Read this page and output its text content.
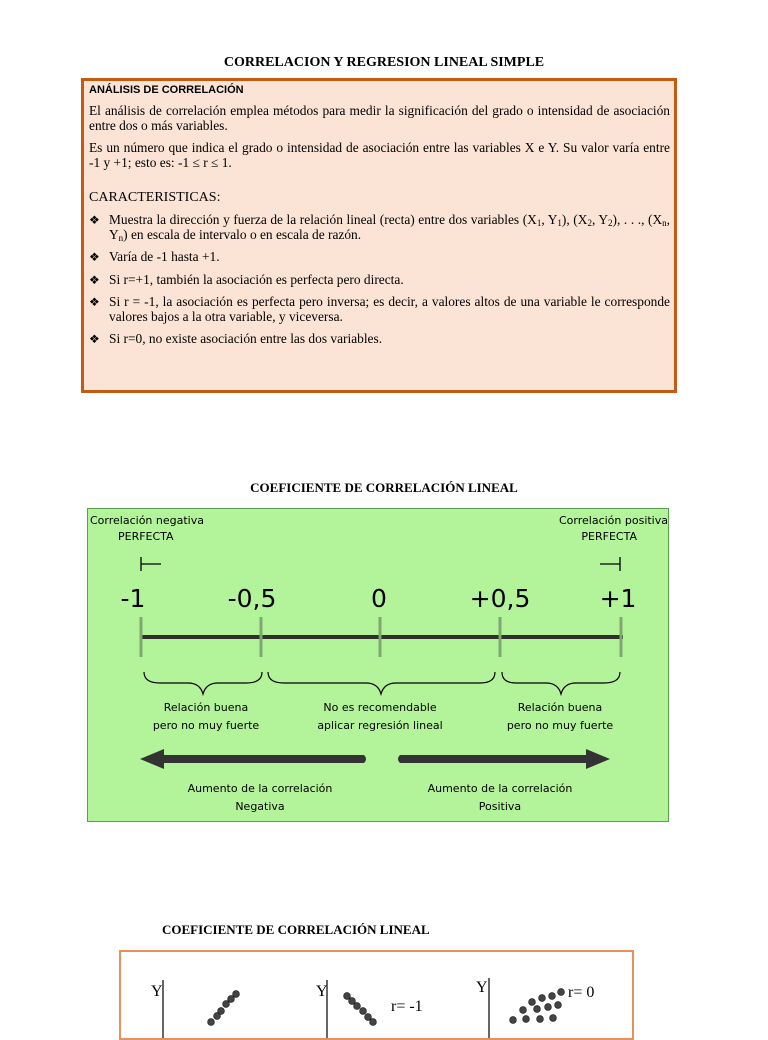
CORRELACION Y REGRESION LINEAL SIMPLE
ANÁLISIS DE CORRELACIÓN

El análisis de correlación emplea métodos para medir la significación del grado o intensidad de asociación entre dos o más variables.

Es un número que indica el grado o intensidad de asociación entre las variables X e Y. Su valor varía entre -1 y +1; esto es: -1 ≤ r ≤ 1.

CARACTERISTICAS:
❖ Muestra la dirección y fuerza de la relación lineal (recta) entre dos variables ($X_1$, $Y_1$), ($X_2$, $Y_2$), . . ., ($X_n$, $Y_n$) en escala de intervalo o en escala de razón.
❖ Varía de -1 hasta +1.
❖ Si r=+1, también la asociación es perfecta pero directa.
❖ Si r = -1, la asociación es perfecta pero inversa; es decir, a valores altos de una variable le corresponde valores bajos a la otra variable, y viceversa.
❖ Si r=0, no existe asociación entre las dos variables.
COEFICIENTE DE CORRELACIÓN LINEAL
Correlación negativa
PERFECTA
Correlación positiva
PERFECTA
-1	-0,5	0	+0,5	+1
Relación buena
pero no muy fuerte
No es recomendable
aplicar regresión lineal
Relación buena
pero no muy fuerte
Aumento de la correlación
Negativa
Aumento de la correlación
Positiva
COEFICIENTE DE CORRELACIÓN LINEAL
Y	Y
r= -1
Y	r= 0
